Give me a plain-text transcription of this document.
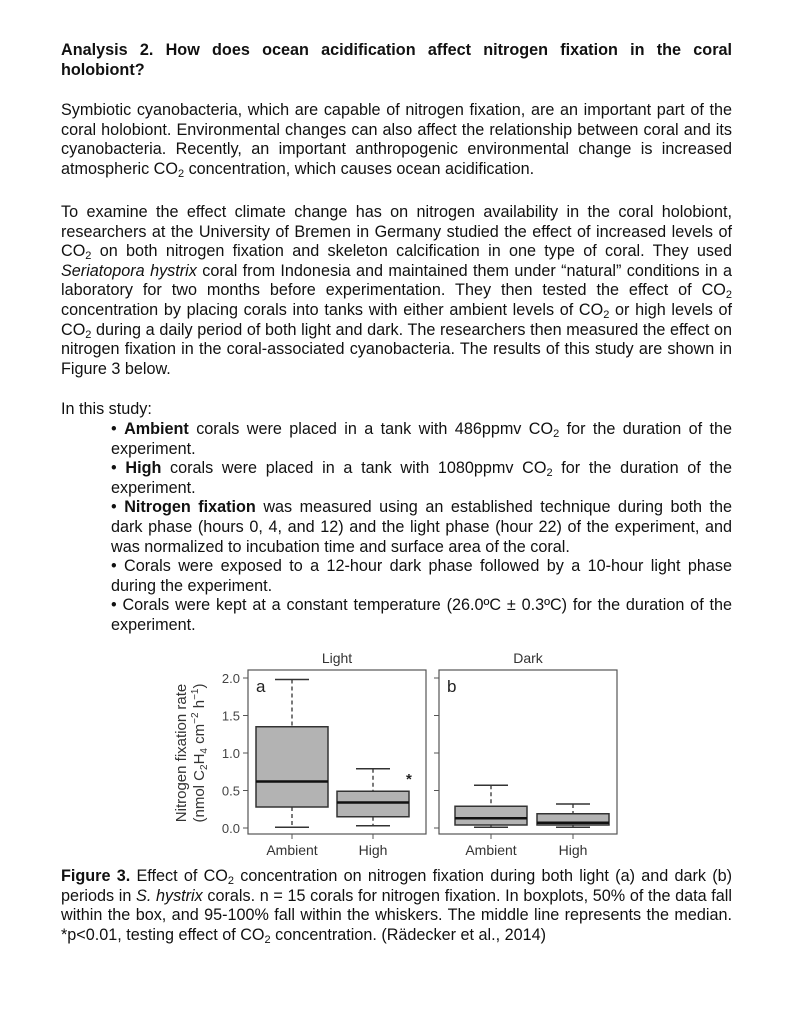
Analysis 2. How does ocean acidification affect nitrogen fixation in the coral holobiont?

Symbiotic cyanobacteria, which are capable of nitrogen fixation, are an important part of the coral holobiont. Environmental changes can also affect the relationship between coral and its cyanobacteria. Recently, an important anthropogenic environmental change is increased atmospheric $CO_2$ concentration, which causes ocean acidification.

To examine the effect climate change has on nitrogen availability in the coral holobiont, researchers at the University of Bremen in Germany studied the effect of increased levels of $CO_2$ on both nitrogen fixation and skeleton calcification in one type of coral. They used Seriatopora hystrix coral from Indonesia and maintained them under “natural” conditions in a laboratory for two months before experimentation. They then tested the effect of $CO_2$ concentration by placing corals into tanks with either ambient levels of $CO_2$ or high levels of $CO_2$ during a daily period of both light and dark. The researchers then measured the effect on nitrogen fixation in the coral-associated cyanobacteria. The results of this study are shown in Figure 3 below.

In this study:

• Ambient corals were placed in a tank with 486ppmv $CO_2$ for the duration of the experiment.
• High corals were placed in a tank with 1080ppmv $CO_2$ for the duration of the experiment.
• Nitrogen fixation was measured using an established technique during both the dark phase (hours 0, 4, and 12) and the light phase (hour 22) of the experiment, and was normalized to incubation time and surface area of the coral.
• Corals were exposed to a 12-hour dark phase followed by a 10-hour light phase during the experiment.
• Corals were kept at a constant temperature (26.0ºC ± 0.3ºC) for the duration of the experiment.
Nitrogen fixation rate (nmol $C_2H_4$ $cm^{-2}$ $h^{-1}$)
Light
a
0.0
0.5
1.0
1.5
2.0
Ambient	High
*
Dark
b
Ambient	High

Figure 3. Effect of $CO_2$ concentration on nitrogen fixation during both light (a) and dark (b) periods in S. hystrix corals. n = 15 corals for nitrogen fixation. In boxplots, 50% of the data fall within the box, and 95-100% fall within the whiskers. The middle line represents the median. *p<0.01, testing effect of $CO_2$ concentration. (Rädecker et al., 2014)
